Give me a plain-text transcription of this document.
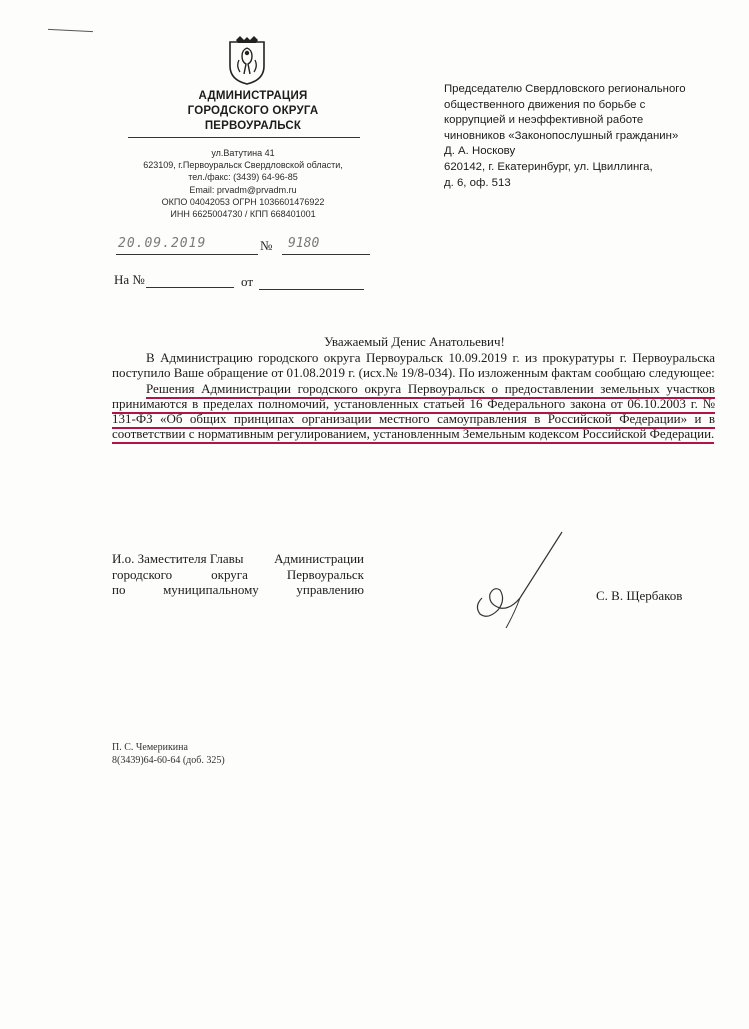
АДМИНИСТРАЦИЯ
ГОРОДСКОГО ОКРУГА
ПЕРВОУРАЛЬСК
ул.Ватутина 41
623109, г.Первоуральск Свердловской области,
тел./факс: (3439) 64-96-85
Email: prvadm@prvadm.ru
ОКПО 04042053 ОГРН 1036601476922
ИНН 6625004730 / КПП 668401001
20.09.2019	№	9180
На №	от
Председателю Свердловского регионального
общественного движения по борьбе с
коррупцией и неэффективной работе
чиновников «Законопослушный гражданин»
Д. А. Носкову
620142, г. Екатеринбург, ул. Цвиллинга,
д. 6, оф. 513
Уважаемый Денис Анатольевич!

В Администрацию городского округа Первоуральск 10.09.2019 г. из прокуратуры г. Первоуральска поступило Ваше обращение от 01.08.2019 г. (исх.№ 19/8-034). По изложенным фактам сообщаю следующее:

Решения Администрации городского округа Первоуральск о предоставлении земельных участков принимаются в пределах полномочий, установленных статьей 16 Федерального закона от 06.10.2003 г. № 131-ФЗ «Об общих принципах организации местного самоуправления в Российской Федерации» и в соответствии с нормативным регулированием, установленным Земельным кодексом Российской Федерации.

И.о. Заместителя Главы Администрации
городского	округа	Первоуральск
по	муниципальному	управлению	С. В. Щербаков
П. С. Чемерикина
8(3439)64-60-64 (доб. 325)
